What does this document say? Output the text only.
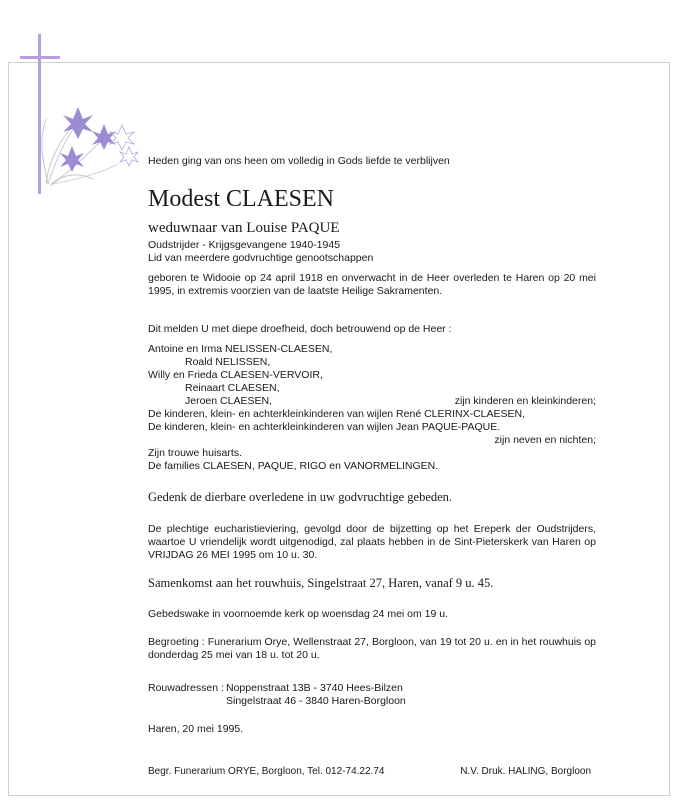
Heden ging van ons heen om volledig in Gods liefde te verblijven
Modest CLAESEN
weduwnaar van Louise PAQUE
Oudstrijder - Krijgsgevangene 1940-1945
Lid van meerdere godvruchtige genootschappen
geboren te Widooie op 24 april 1918 en onverwacht in de Heer overleden te Haren op 20 mei 1995, in extremis voorzien van de laatste Heilige Sakramenten.
Dit melden U met diepe droefheid, doch betrouwend op de Heer :
Antoine en Irma NELISSEN-CLAESEN,
Roald NELISSEN,
Willy en Frieda CLAESEN-VERVOIR,
Reinaart CLAESEN,
Jeroen CLAESEN,	zijn kinderen en kleinkinderen;
De kinderen, klein- en achterkleinkinderen van wijlen René CLERINX-CLAESEN,
De kinderen, klein- en achterkleinkinderen van wijlen Jean PAQUE-PAQUE.
zijn neven en nichten;
Zijn trouwe huisarts.
De families CLAESEN, PAQUE, RIGO en VANORMELINGEN.
Gedenk de dierbare overledene in uw godvruchtige gebeden.
De plechtige eucharistieviering, gevolgd door de bijzetting op het Ereperk der Oudstrijders, waartoe U vriendelijk wordt uitgenodigd, zal plaats hebben in de Sint-Pieterskerk van Haren op VRIJDAG 26 MEI 1995 om 10 u. 30.
Samenkomst aan het rouwhuis, Singelstraat 27, Haren, vanaf 9 u. 45.
Gebedswake in voornoemde kerk op woensdag 24 mei om 19 u.
Begroeting : Funerarium Orye, Wellenstraat 27, Borgloon, van 19 tot 20 u. en in het rouwhuis op donderdag 25 mei van 18 u. tot 20 u.
Rouwadressen : Noppenstraat 13B - 3740 Hees-Bilzen
Singelstraat 46 - 3840 Haren-Borgloon
Haren, 20 mei 1995.
Begr. Funerarium ORYE, Borgloon, Tel. 012-74.22.74	N.V. Druk. HALING, Borgloon
